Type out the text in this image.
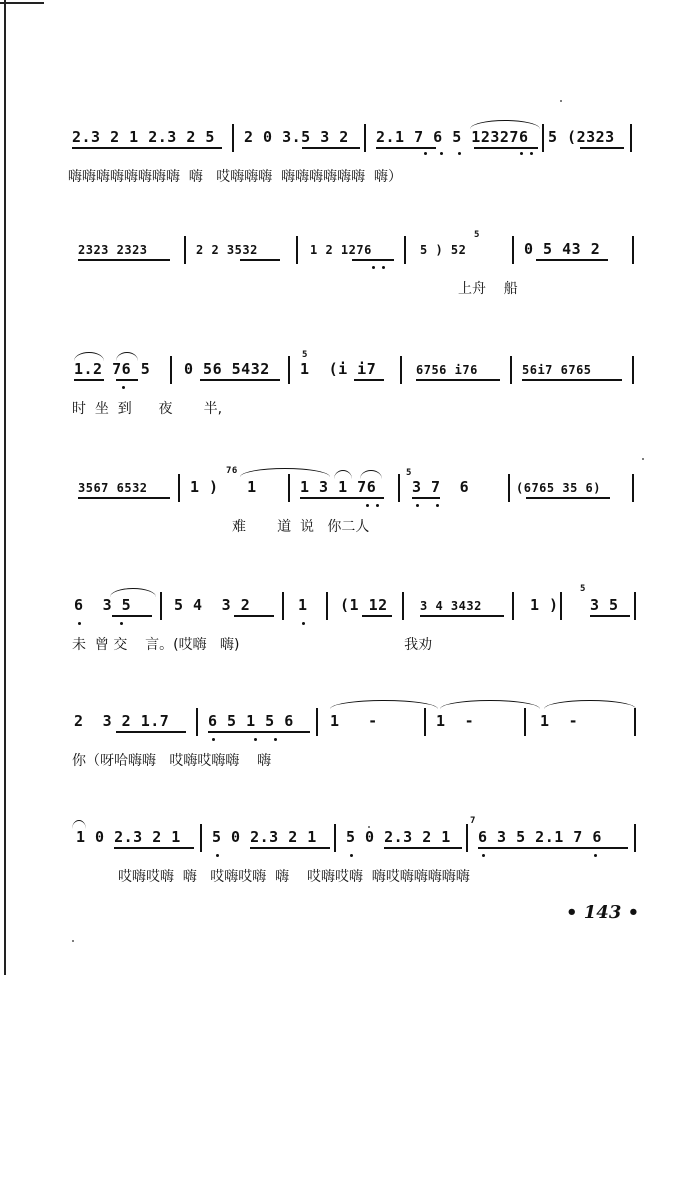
2.3 2 1 2.3 2 5

2 0 3.5 3 2

2.1 7 6 5 123276

5 (2323

嗨嗨嗨嗨嗨嗨嗨嗨  嗨   哎嗨嗨嗨  嗨嗨嗨嗨嗨嗨  嗨）

2323 2323

	2 2 3532

	1 2 1276

	5 ) 52

	0 5 43 2

5

上舟    船

1.2 76 5

0 56 5432

1  (i i7

	6756 i76

	56i7 6765

5

时  坐  到      夜       半,

3567 6532

	1 )   1

	1 3 1 76

3 7  6

	(6765 35 6)

76

	5

难       道  说   你二人

6  3 5

	5 4  3 2

	1

(1 12

	3 4 3432

	1 )

3 5

5

未  曾 交    言。(哎嗨   嗨)                                     我劝

2  3 2 1.7

	6 5 1 5 6

1   -

	1  -

	1  -

你（呀哈嗨嗨   哎嗨哎嗨嗨    嗨

1 0 2.3 2 1

5 0 2.3 2 1

5 0 2.3 2 1

6 3 5 2.1 7 6

7

哎嗨哎嗨  嗨   哎嗨哎嗨  嗨    哎嗨哎嗨  嗨哎嗨嗨嗨嗨嗨
• 143 •
